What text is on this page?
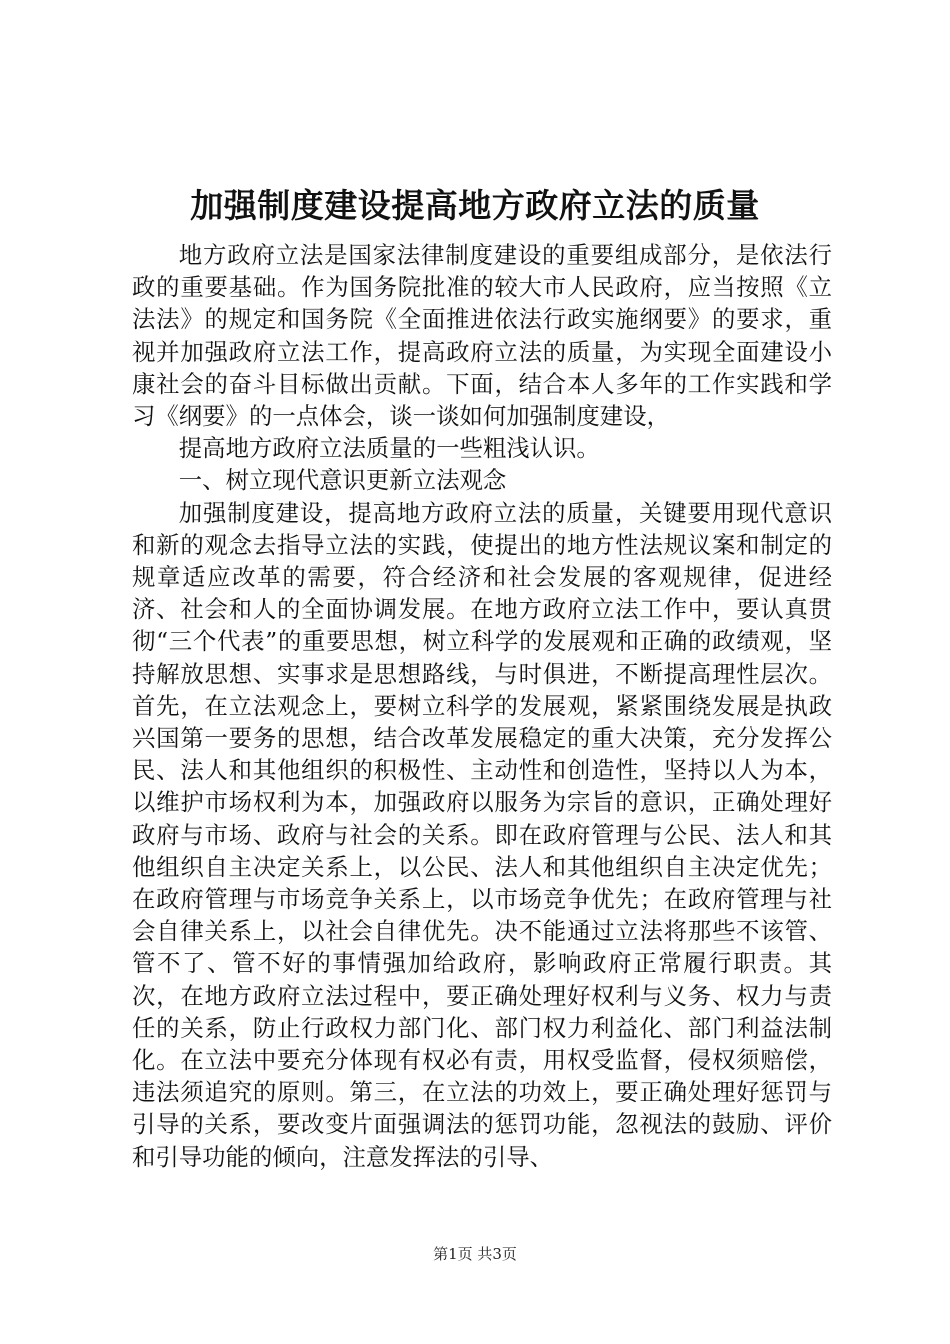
加强制度建设提高地方政府立法的质量

地方政府立法是国家法律制度建设的重要组成部分，是依法行政的重要基础。作为国务院批准的较大市人民政府，应当按照《立法法》的规定和国务院《全面推进依法行政实施纲要》的要求，重视并加强政府立法工作，提高政府立法的质量，为实现全面建设小康社会的奋斗目标做出贡献。下面，结合本人多年的工作实践和学习《纲要》的一点体会，谈一谈如何加强制度建设，

提高地方政府立法质量的一些粗浅认识。

一、树立现代意识更新立法观念

加强制度建设，提高地方政府立法的质量，关键要用现代意识和新的观念去指导立法的实践，使提出的地方性法规议案和制定的规章适应改革的需要，符合经济和社会发展的客观规律，促进经济、社会和人的全面协调发展。在地方政府立法工作中，要认真贯彻“三个代表”的重要思想，树立科学的发展观和正确的政绩观，坚持解放思想、实事求是思想路线，与时俱进，不断提高理性层次。首先，在立法观念上，要树立科学的发展观，紧紧围绕发展是执政兴国第一要务的思想，结合改革发展稳定的重大决策，充分发挥公民、法人和其他组织的积极性、主动性和创造性，坚持以人为本，以维护市场权利为本，加强政府以服务为宗旨的意识，正确处理好政府与市场、政府与社会的关系。即在政府管理与公民、法人和其他组织自主决定关系上，以公民、法人和其他组织自主决定优先；在政府管理与市场竞争关系上，以市场竞争优先；在政府管理与社会自律关系上，以社会自律优先。决不能通过立法将那些不该管、管不了、管不好的事情强加给政府，影响政府正常履行职责。其次，在地方政府立法过程中，要正确处理好权利与义务、权力与责任的关系，防止行政权力部门化、部门权力利益化、部门利益法制化。在立法中要充分体现有权必有责，用权受监督，侵权须赔偿，违法须追究的原则。第三，在立法的功效上，要正确处理好惩罚与引导的关系，要改变片面强调法的惩罚功能，忽视法的鼓励、评价和引导功能的倾向，注意发挥法的引导、

第1页 共3页
